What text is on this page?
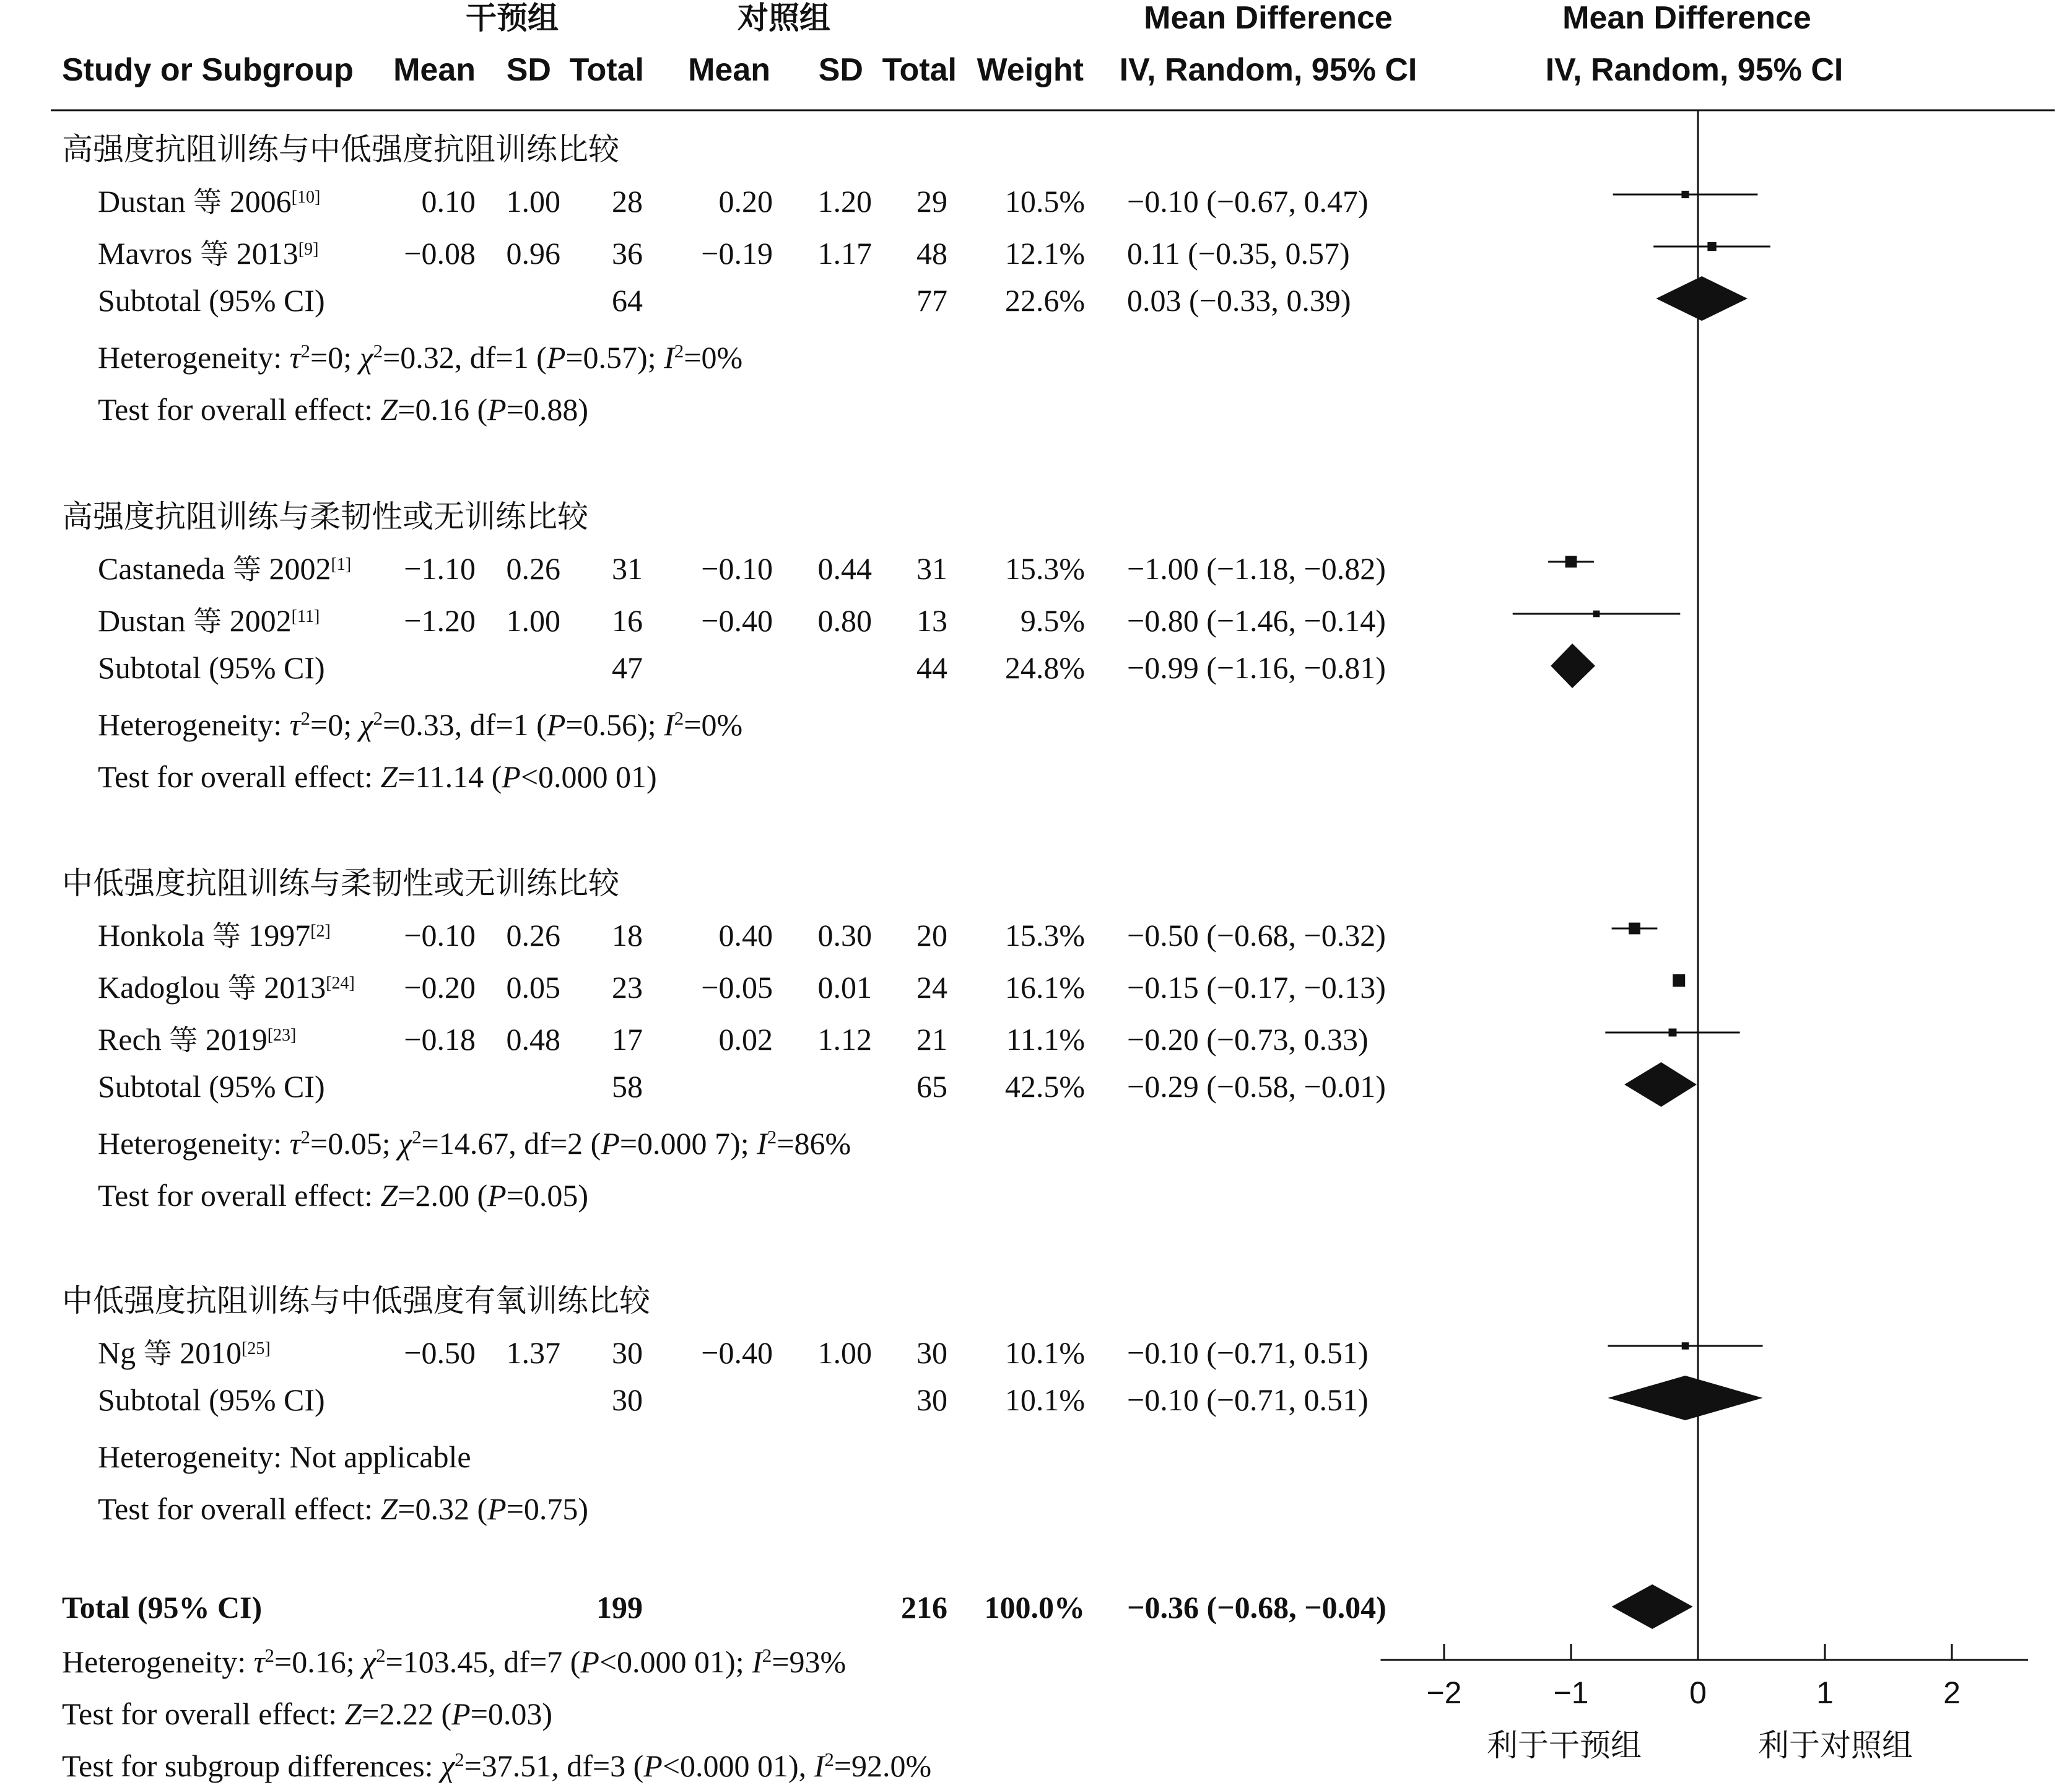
干预组	对照组	Mean Difference	Mean Difference
Study or Subgroup Mean SD Total Mean SD Total Weight IV, Random, 95% CI	IV, Random, 95% CI
高强度抗阻训练与中低强度抗阻训练比较
Dustan 等 2006[10]	0.10 1.00 28 0.20 1.20 29 10.5% −0.10 (−0.67, 0.47)
Mavros 等 2013[9]	−0.08 0.96 36 −0.19 1.17 48 12.1% 0.11 (−0.35, 0.57)
Subtotal (95% CI)	64	77 22.6% 0.03 (−0.33, 0.39)
Heterogeneity: $\tau^2=0$; $\chi^2=0.32$, df=1 (P=0.57); $I^2=0\%$
Test for overall effect: Z=0.16 (P=0.88)
高强度抗阻训练与柔韧性或无训练比较
Castaneda 等 2002[1] −1.10 0.26 31 −0.10 0.44 31 15.3% −1.00 (−1.18, −0.82)
Dustan 等 2002[11]	−1.20 1.00 16 −0.40 0.80 13 9.5% −0.80 (−1.46, −0.14)
Subtotal (95% CI)	47	44 24.8% −0.99 (−1.16, −0.81)
Heterogeneity: $\tau^2=0$; $\chi^2=0.33$, df=1 (P=0.56); $I^2=0\%$
Test for overall effect: Z=11.14 (P<0.000 01)
中低强度抗阻训练与柔韧性或无训练比较
Honkola 等 1997[2] −0.10 0.26 18 0.40 0.30 20 15.3% −0.50 (−0.68, −0.32)
Kadoglou 等 2013[24] −0.20 0.05 23 −0.05 0.01 24 16.1% −0.15 (−0.17, −0.13)
Rech 等 2019[23]	−0.18 0.48 17 0.02 1.12 21 11.1% −0.20 (−0.73, 0.33)
Subtotal (95% CI)	58	65 42.5% −0.29 (−0.58, −0.01)
Heterogeneity: $\tau^2=0.05$; $\chi^2=14.67$, df=2 (P=0.000 7); $I^2=86\%$
Test for overall effect: Z=2.00 (P=0.05)
中低强度抗阻训练与中低强度有氧训练比较
Ng 等 2010[25]	−0.50 1.37 30 −0.40 1.00 30 10.1% −0.10 (−0.71, 0.51)
Subtotal (95% CI)	30	30 10.1% −0.10 (−0.71, 0.51)
Heterogeneity: Not applicable
Test for overall effect: Z=0.32 (P=0.75)
Total (95% CI)	199	216 100.0% −0.36 (−0.68, −0.04)
Heterogeneity: $\tau^2=0.16$; $\chi^2=103.45$, df=7 (P<0.000 01); $I^2=93\%$
Test for overall effect: Z=2.22 (P=0.03)
Test for subgroup differences: $\chi^2=37.51$, df=3 (P<0.000 01), $I^2=92.0\%$
−2	−1	0	1	2
利于干预组	利于对照组
